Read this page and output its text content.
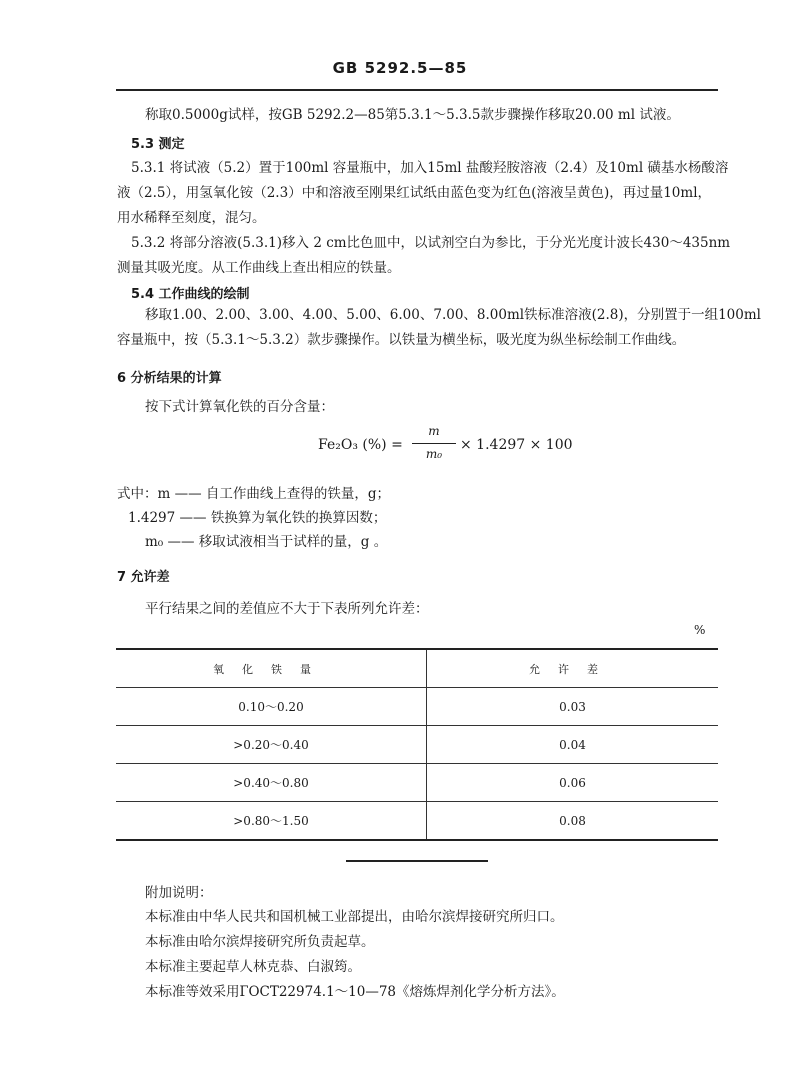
GB 5292.5—85
称取0.5000g试样，按GB 5292.2—85第5.3.1～5.3.5款步骤操作移取20.00 ml 试液。
5.3 测定
5.3.1 将试液（5.2）置于100ml 容量瓶中，加入15ml 盐酸羟胺溶液（2.4）及10ml 磺基水杨酸溶
液（2.5），用氢氧化铵（2.3）中和溶液至刚果红试纸由蓝色变为红色(溶液呈黄色)，再过量10ml，
用水稀释至刻度，混匀。
5.3.2 将部分溶液(5.3.1)移入 2 cm比色皿中，以试剂空白为参比，于分光光度计波长430～435nm
测量其吸光度。从工作曲线上查出相应的铁量。
5.4 工作曲线的绘制
移取1.00、2.00、3.00、4.00、5.00、6.00、7.00、8.00ml铁标准溶液(2.8)，分别置于一组100ml
容量瓶中，按（5.3.1～5.3.2）款步骤操作。以铁量为横坐标，吸光度为纵坐标绘制工作曲线。
6 分析结果的计算
按下式计算氧化铁的百分含量：
Fe₂O₃ (%) =
m
m₀
× 1.4297 × 100
式中：m —— 自工作曲线上查得的铁量，g；
1.4297 —— 铁换算为氧化铁的换算因数；
m₀ —— 移取试液相当于试样的量，g 。
7 允许差
平行结果之间的差值应不大于下表所列允许差：
%
氧化铁量	允许差
0.10～0.20	0.03
>0.20～0.40	0.04
>0.40～0.80	0.06
>0.80～1.50	0.08
附加说明：
本标准由中华人民共和国机械工业部提出，由哈尔滨焊接研究所归口。
本标准由哈尔滨焊接研究所负责起草。
本标准主要起草人林克恭、白淑筠。
本标准等效采用ГОСТ22974.1～10—78《熔炼焊剂化学分析方法》。
